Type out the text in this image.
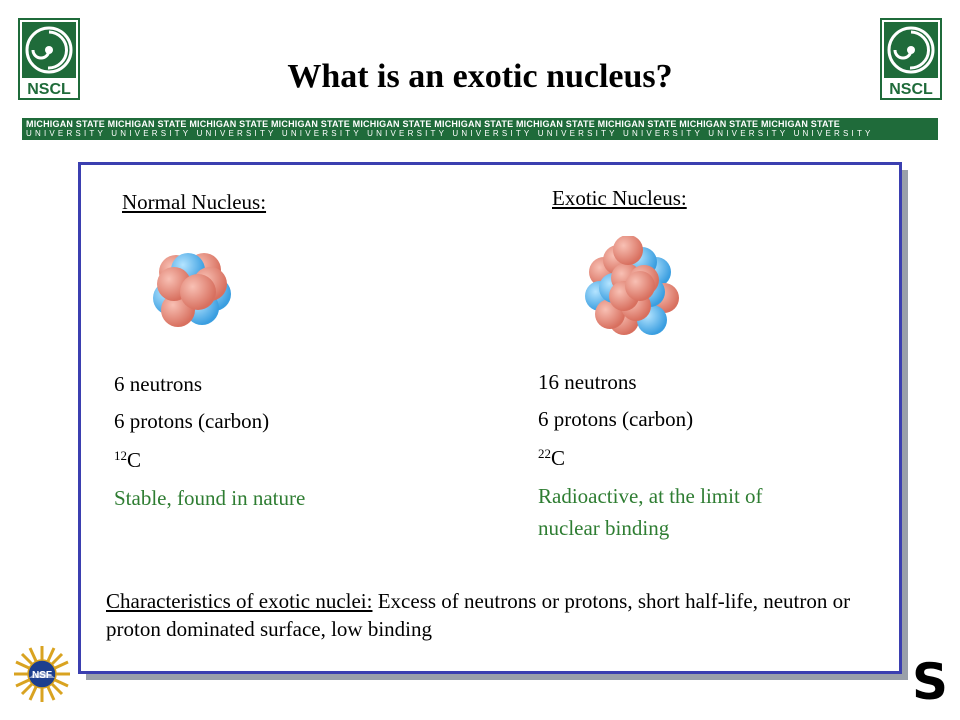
NSCL	NSCL
What is an exotic nucleus?
MICHIGAN STATE MICHIGAN STATE MICHIGAN STATE MICHIGAN STATE MICHIGAN STATE MICHIGAN STATE MICHIGAN STATE MICHIGAN STATE MICHIGAN STATE MICHIGAN STATE
UNIVERSITY UNIVERSITY UNIVERSITY UNIVERSITY UNIVERSITY UNIVERSITY UNIVERSITY UNIVERSITY UNIVERSITY UNIVERSITY
Normal Nucleus:
6 neutrons
6 protons (carbon)
$^{12}$C
Stable, found in nature
Exotic Nucleus:
16 neutrons
6 protons (carbon)
$^{22}$C
Radioactive, at the limit of
nuclear binding
Characteristics of exotic nuclei: Excess of neutrons or protons, short half-life, neutron or proton dominated surface, low binding
NSF	S
